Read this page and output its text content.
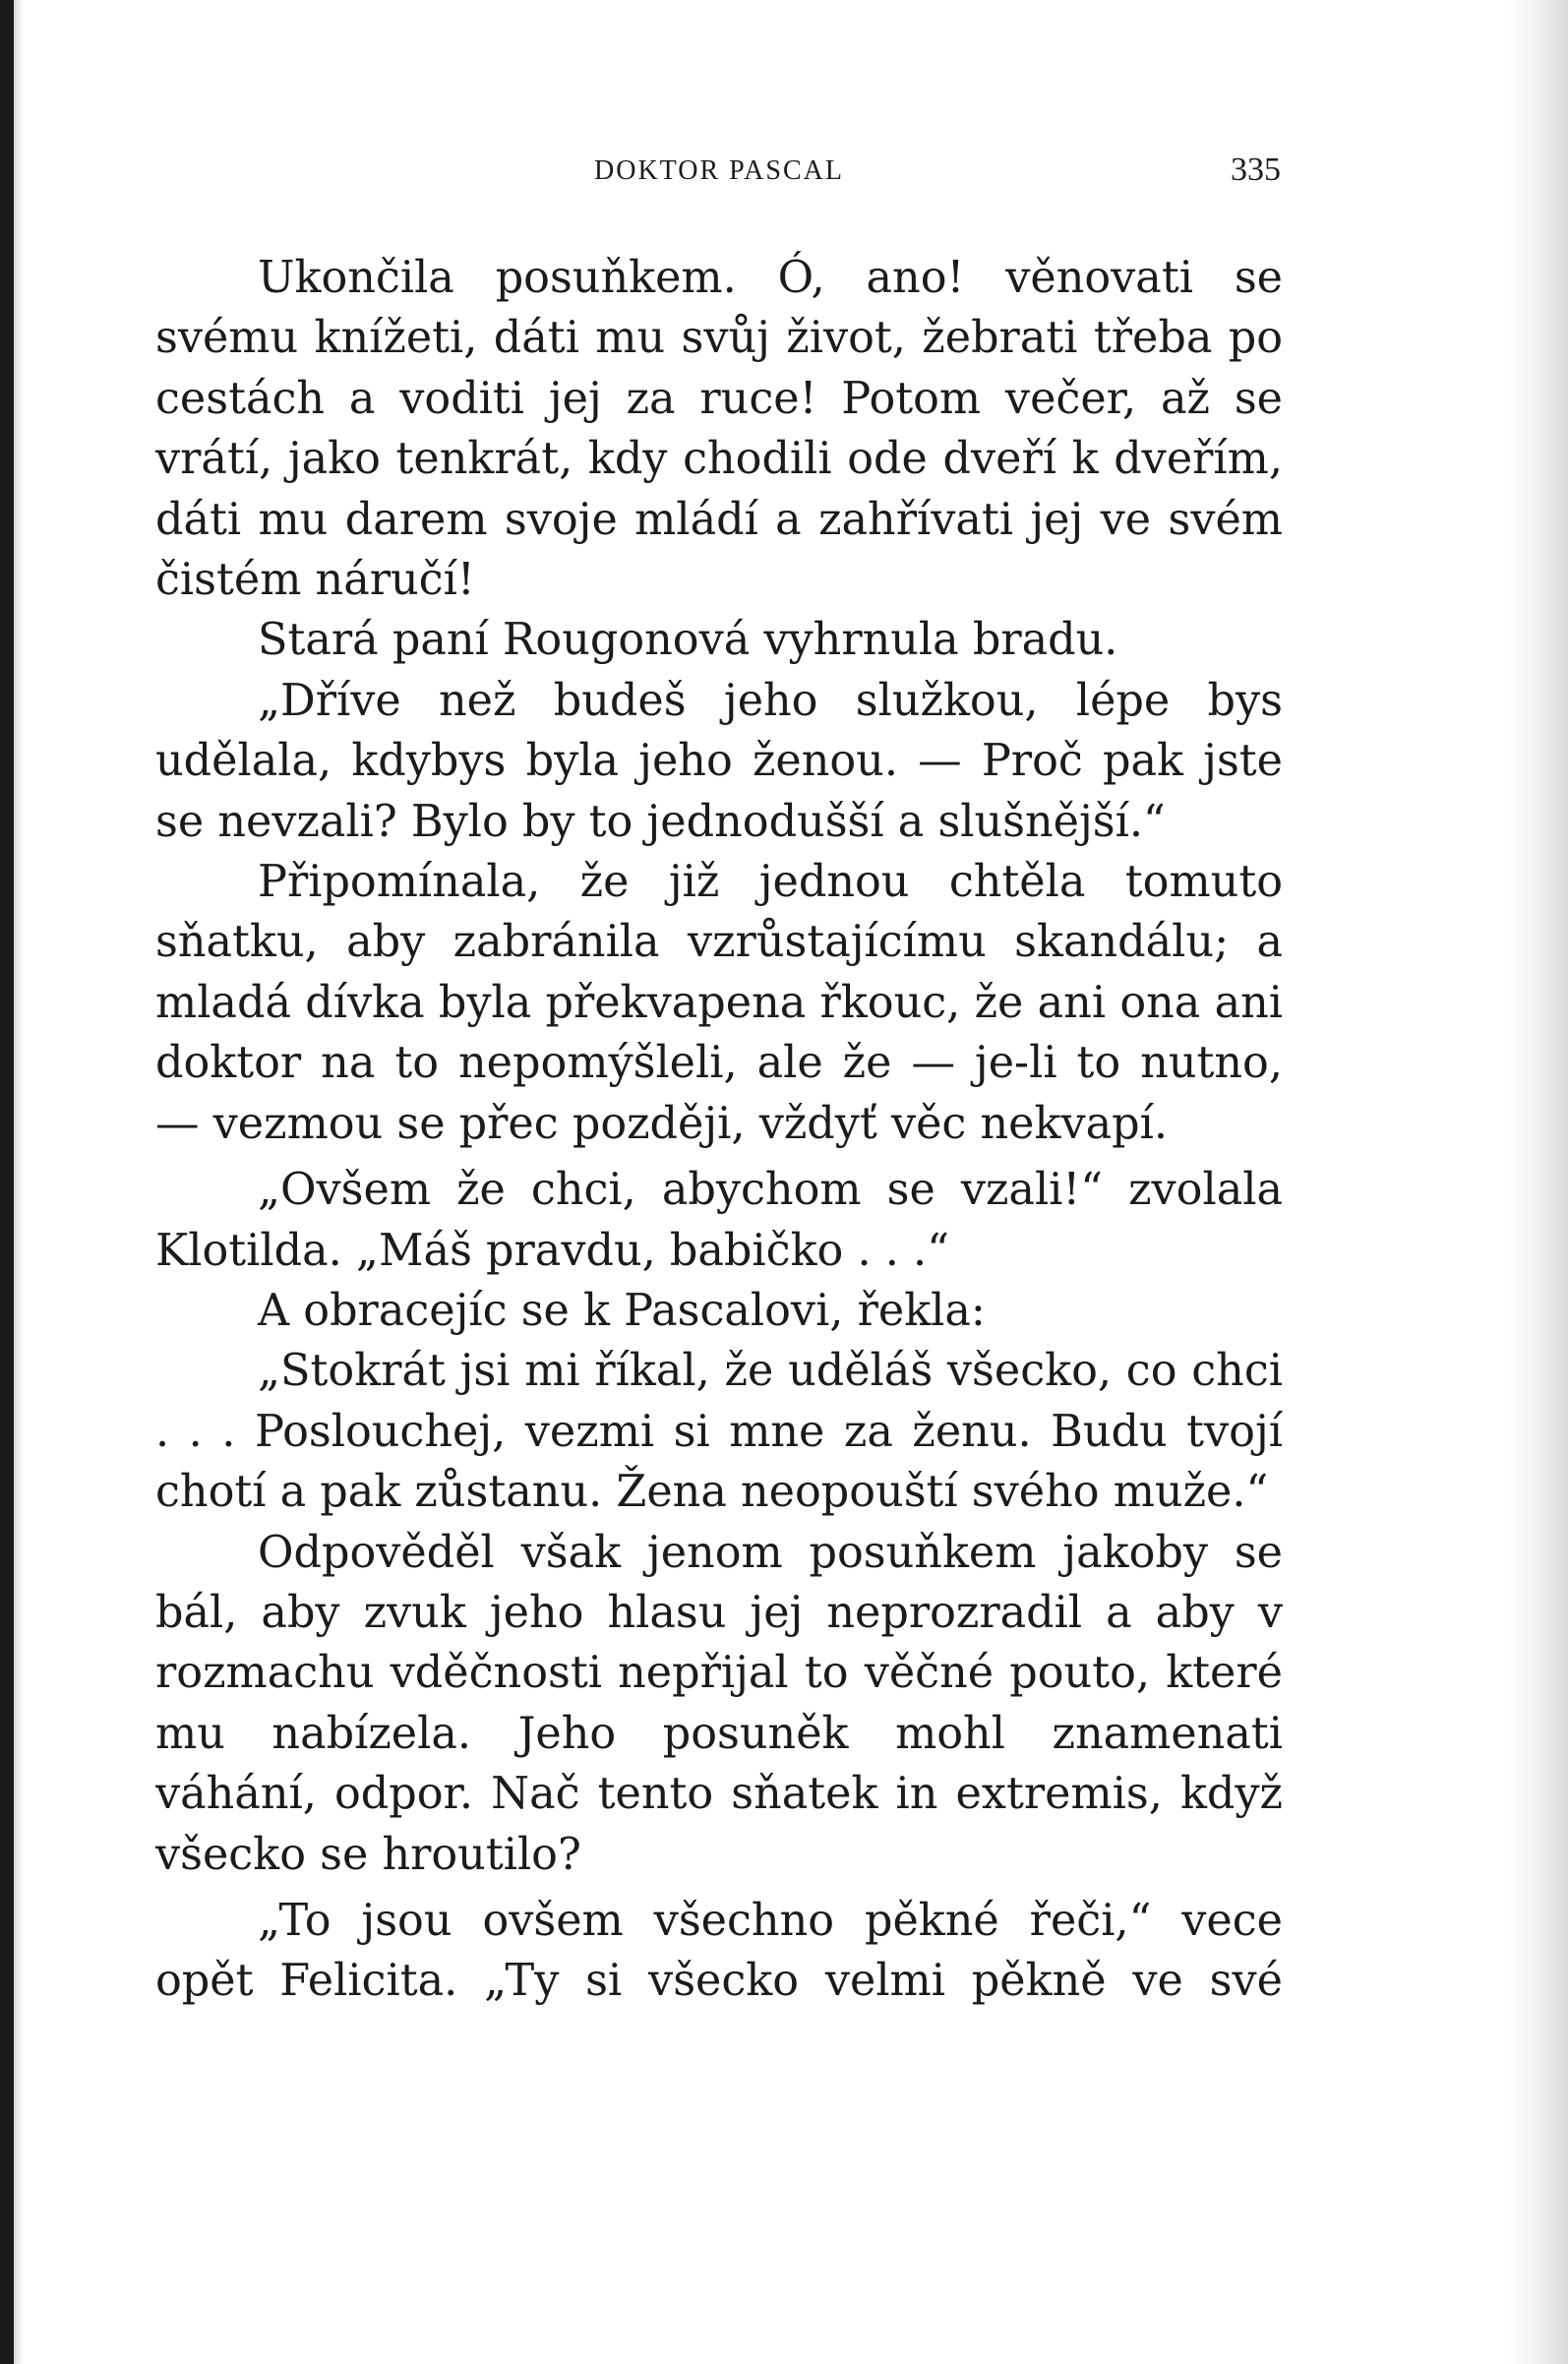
DOKTOR PASCAL	335

Ukončila posuňkem. Ó, ano! věnovati se svému knížeti, dáti mu svůj život, žebrati třeba po cestách a voditi jej za ruce! Potom večer, až se vrátí, jako tenkrát, kdy chodili ode dveří k dveřím, dáti mu darem svoje mládí a zahřívati jej ve svém čistém náručí!

Stará paní Rougonová vyhrnula bradu.

„Dříve než budeš jeho služkou, lépe bys udělala, kdybys byla jeho ženou. — Proč pak jste se nevzali? Bylo by to jednodušší a slušnější.“

Připomínala, že již jednou chtěla tomuto sňatku, aby zabránila vzrůstajícímu skandálu; a mladá dívka byla překvapena řkouc, že ani ona ani doktor na to nepomýšleli, ale že — je-li to nutno, — vezmou se přec později, vždyť věc nekvapí.

„Ovšem že chci, abychom se vzali!“ zvolala Klotilda. „Máš pravdu, babičko . . .“

A obracejíc se k Pascalovi, řekla:

„Stokrát jsi mi říkal, že uděláš všecko, co chci . . . Poslouchej, vezmi si mne za ženu. Budu tvojí chotí a pak zůstanu. Žena neopouští svého muže.“

Odpověděl však jenom posuňkem jakoby se bál, aby zvuk jeho hlasu jej neprozradil a aby v rozmachu vděčnosti nepřijal to věčné pouto, které mu nabízela. Jeho posuněk mohl znamenati váhání, odpor. Nač tento sňatek in extremis, když všecko se hroutilo?

„To jsou ovšem všechno pěkné řeči,“ vece opět Felicita. „Ty si všecko velmi pěkně ve své
